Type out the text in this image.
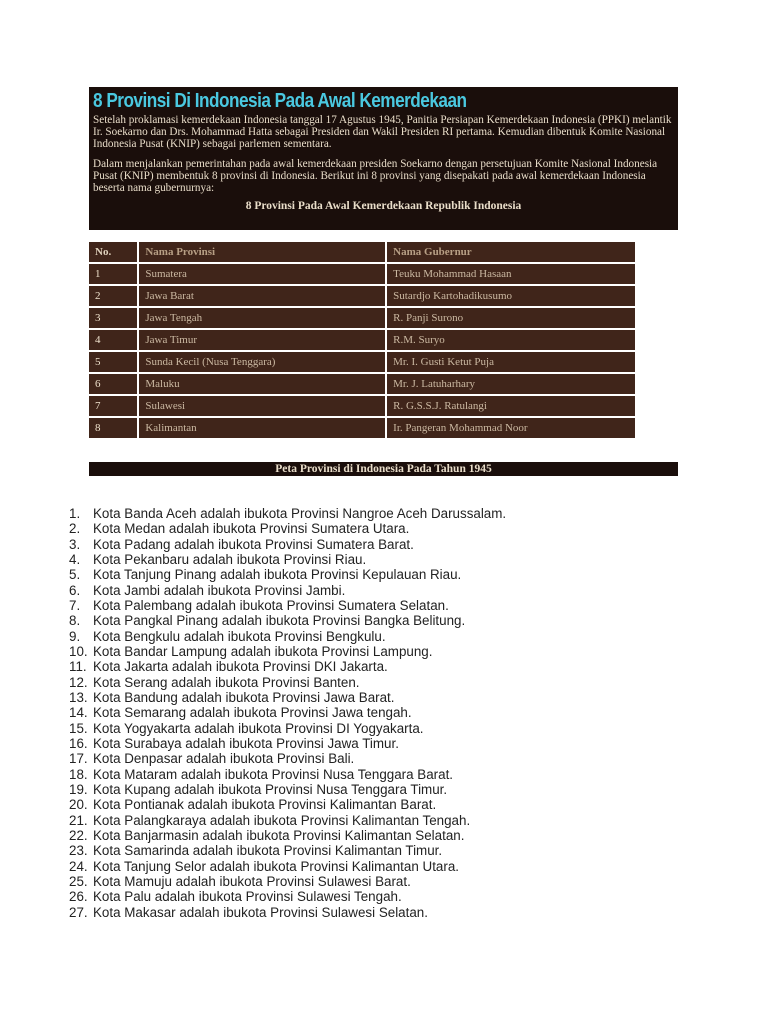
8 Provinsi Di Indonesia Pada Awal Kemerdekaan

Setelah proklamasi kemerdekaan Indonesia tanggal 17 Agustus 1945, Panitia Persiapan Kemerdekaan Indonesia (PPKI) melantik Ir. Soekarno dan Drs. Mohammad Hatta sebagai Presiden dan Wakil Presiden RI pertama. Kemudian dibentuk Komite Nasional Indonesia Pusat (KNIP) sebagai parlemen sementara.

Dalam menjalankan pemerintahan pada awal kemerdekaan presiden Soekarno dengan persetujuan Komite Nasional Indonesia Pusat (KNIP) membentuk 8 provinsi di Indonesia. Berikut ini 8 provinsi yang disepakati pada awal kemerdekaan Indonesia beserta nama gubernurnya:

8 Provinsi Pada Awal Kemerdekaan Republik Indonesia

No.	Nama Provinsi	Nama Gubernur
1	Sumatera	Teuku Mohammad Hasaan
2	Jawa Barat	Sutardjo Kartohadikusumo
3	Jawa Tengah	R. Panji Surono
4	Jawa Timur	R.M. Suryo
5	Sunda Kecil (Nusa Tenggara)	Mr. I. Gusti Ketut Puja
6	Maluku	Mr. J. Latuharhary
7	Sulawesi	R. G.S.S.J. Ratulangi
8	Kalimantan	Ir. Pangeran Mohammad Noor
Peta Provinsi di Indonesia Pada Tahun 1945
1. Kota Banda Aceh adalah ibukota Provinsi Nangroe Aceh Darussalam.
2. Kota Medan adalah ibukota Provinsi Sumatera Utara.
3. Kota Padang adalah ibukota Provinsi Sumatera Barat.
4. Kota Pekanbaru adalah ibukota Provinsi Riau.
5. Kota Tanjung Pinang adalah ibukota Provinsi Kepulauan Riau.
6. Kota Jambi adalah ibukota Provinsi Jambi.
7. Kota Palembang adalah ibukota Provinsi Sumatera Selatan.
8. Kota Pangkal Pinang adalah ibukota Provinsi Bangka Belitung.
9. Kota Bengkulu adalah ibukota Provinsi Bengkulu.
10. Kota Bandar Lampung adalah ibukota Provinsi Lampung.
11. Kota Jakarta adalah ibukota Provinsi DKI Jakarta.
12. Kota Serang adalah ibukota Provinsi Banten.
13. Kota Bandung adalah ibukota Provinsi Jawa Barat.
14. Kota Semarang adalah ibukota Provinsi Jawa tengah.
15. Kota Yogyakarta adalah ibukota Provinsi DI Yogyakarta.
16. Kota Surabaya adalah ibukota Provinsi Jawa Timur.
17. Kota Denpasar adalah ibukota Provinsi Bali.
18. Kota Mataram adalah ibukota Provinsi Nusa Tenggara Barat.
19. Kota Kupang adalah ibukota Provinsi Nusa Tenggara Timur.
20. Kota Pontianak adalah ibukota Provinsi Kalimantan Barat.
21. Kota Palangkaraya adalah ibukota Provinsi Kalimantan Tengah.
22. Kota Banjarmasin adalah ibukota Provinsi Kalimantan Selatan.
23. Kota Samarinda adalah ibukota Provinsi Kalimantan Timur.
24. Kota Tanjung Selor adalah ibukota Provinsi Kalimantan Utara.
25. Kota Mamuju adalah ibukota Provinsi Sulawesi Barat.
26. Kota Palu adalah ibukota Provinsi Sulawesi Tengah.
27. Kota Makasar adalah ibukota Provinsi Sulawesi Selatan.
